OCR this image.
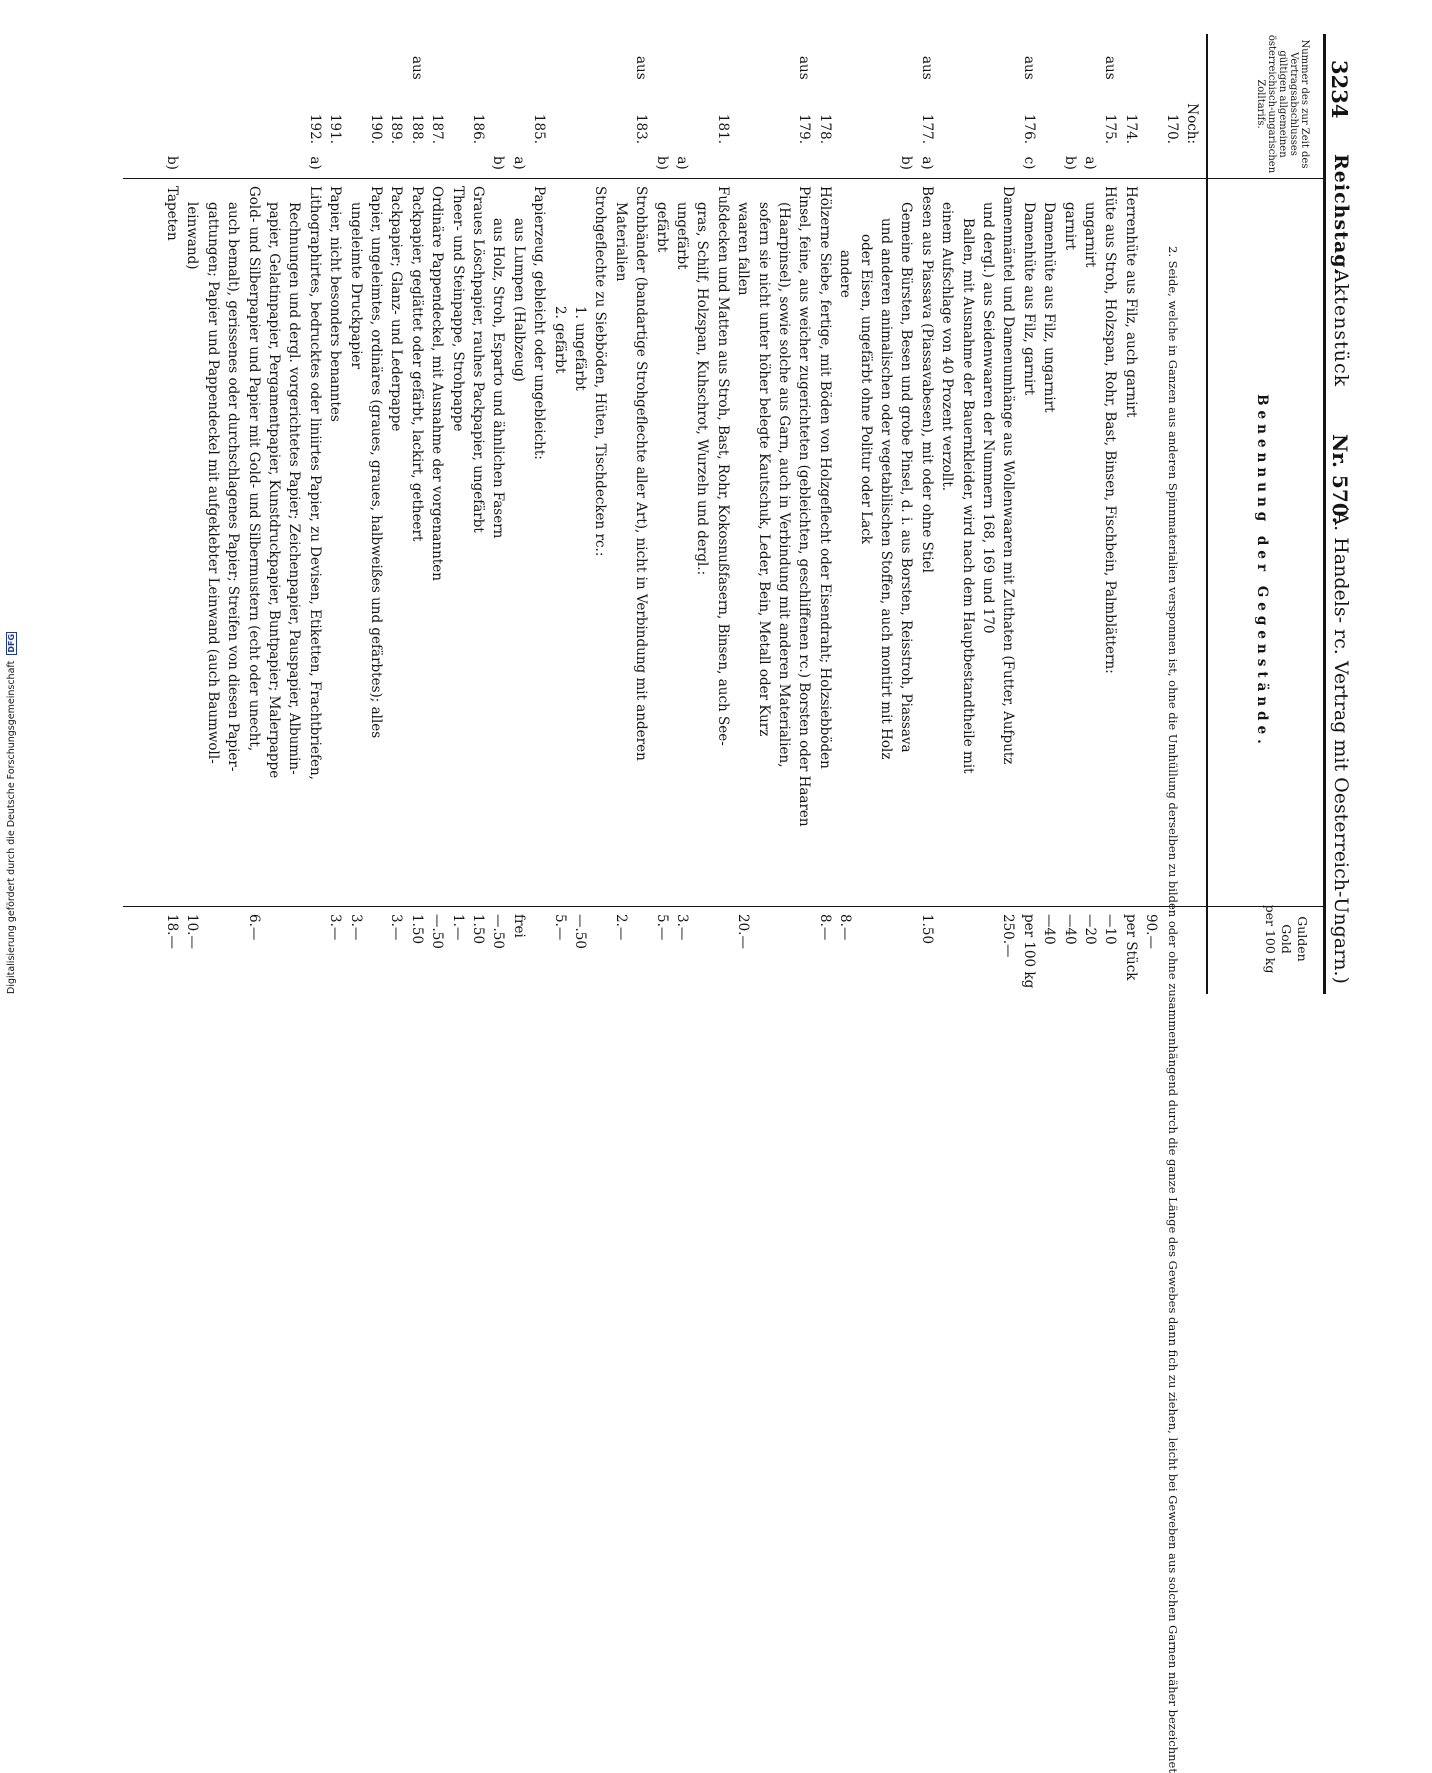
3234
Reichstag.
Aktenstück
Nr. 570.
(A. Handels- rc. Vertrag mit Oesterreich-Ungarn.)
Nummer des zur Zeit des Vertragsabschlusses gültigen allgemeinen österreichisch-ungarischen Zolltarifs.
Benennung der Gegenstände.
Gulden
Gold
per 100 kg
Noch:
170.
2. Seide, welche in Ganzen aus anderen Spinnmaterialien versponnen ist, ohne die Umhüllung derselben zu bilden oder ohne zusammenhängend durch die ganze Länge des Gewebes dann fich zu ziehen, leicht bei Geweben aus solchen Garnen näher bezeichnet
90.—
174.
Herrenhüte aus Filz, auch garnirt
per Stück
aus
175.
Hüte aus Stroh, Holzspan, Rohr, Bast, Binsen, Fischbein, Palmblättern:
—10
a)
ungarnirt
—20
b)
garnirt
—40
Damenhüte aus Filz, ungarnirt
—40
aus
176.
c)
Damenhüte aus Filz, garnirt
per 100 kg
Damenmäntel und Damenumhänge aus Wollenwaaren mit Zuthaten (Futter, Aufputz
250.—
und dergl.) aus Seidenwaaren der Nummern 168, 169 und 170
Ballen, mit Ausnahme der Bauernkleider, wird nach dem Hauptbestandtheile mit
einem Aufschlage von 40 Prozent verzollt.
aus
177.
a)
Besen aus Piassava (Piassavabesen), mit oder ohne Stiel
1.50
b)
Gemeine Bürsten, Besen und grobe Pinsel, d. i. aus Borsten, Reisstroh, Piassava
und anderen animalischen oder vegetabilischen Stoffen, auch montirt mit Holz
oder Eisen, ungefärbt ohne Politur oder Lack
andere
8.—
178.
Hölzerne Siebe, fertige, mit Böden von Holzgeflecht oder Eisendraht; Holzsiebböden
8.—
aus
179.
Pinsel, feine, aus weicher zugerichteten (gebleichten, geschliffenen rc.) Borsten oder Haaren
(Haarpinsel), sowie solche aus Garn, auch in Verbindung mit anderen Materialien,
sofern sie nicht unter höher belegte Kautschuk, Leder, Bein, Metall oder Kurz
waaren fallen
20.—
181.
Fußdecken und Matten aus Stroh, Bast, Rohr, Kokosnußfasern, Binsen, auch See-
gras, Schilf, Holzspan, Kuhschrot, Wurzeln und dergl.:
a)
ungefärbt
3.—
b)
gefärbt
5.—
aus
183.
Strohbänder (bandartige Strohgeflechte aller Art), nicht in Verbindung mit anderen
Materialien
2.—
Strohgeflechte zu Siebböden, Hüten, Tischdecken rc.:
1. ungefärbt
—.50
2. gefärbt
5.—
185.
Papierzeug, gebleicht oder ungebleicht:
a)
aus Lumpen (Halbzeug)
frei
b)
aus Holz, Stroh, Esparto und ähnlichen Fasern
—.50
186.
Graues Löschpapier, rauhes Packpapier, ungefärbt
1.50
Theer- und Steinpappe, Strohpappe
1.—
187.
Ordinäre Pappendeckel, mit Ausnahme der vorgenannten
—.50
aus
188.
Packpapier, geglättet oder gefärbt, lackirt, getheert
1.50
189.
Packpapier; Glanz- und Lederpappe
3.—
190.
Papier, ungeleimtes, ordinäres (graues, graues, halbweißes und gefärbtes); alles
ungeleimte Druckpapier
3.—
191.
Papier, nicht besonders benanntes
3.—
192.
a)
Lithographirtes, bedrucktes oder liniirtes Papier, zu Devisen, Etiketten, Frachtbriefen,
Rechnungen und dergl. vorgerichtetes Papier; Zeichenpapier, Pauspapier, Albumin-
papier, Gelatinpapier, Pergamentpapier, Kunstdruckpapier, Buntpapier; Malerpappe
Gold- und Silberpapier und Papier mit Gold- und Silbermustern (echt oder unecht,
6.—
auch bemalt), gerissenes oder durchschlagenes Papier; Streifen von diesen Papier-
gattungen; Papier und Pappendeckel mit aufgeklebter Leinwand (auch Baumwoll-
leinwand)
10.—
b)
Tapeten
18.—
Digitalisierung gefördert durch die Deutsche Forschungsgemeinschaft DFG
